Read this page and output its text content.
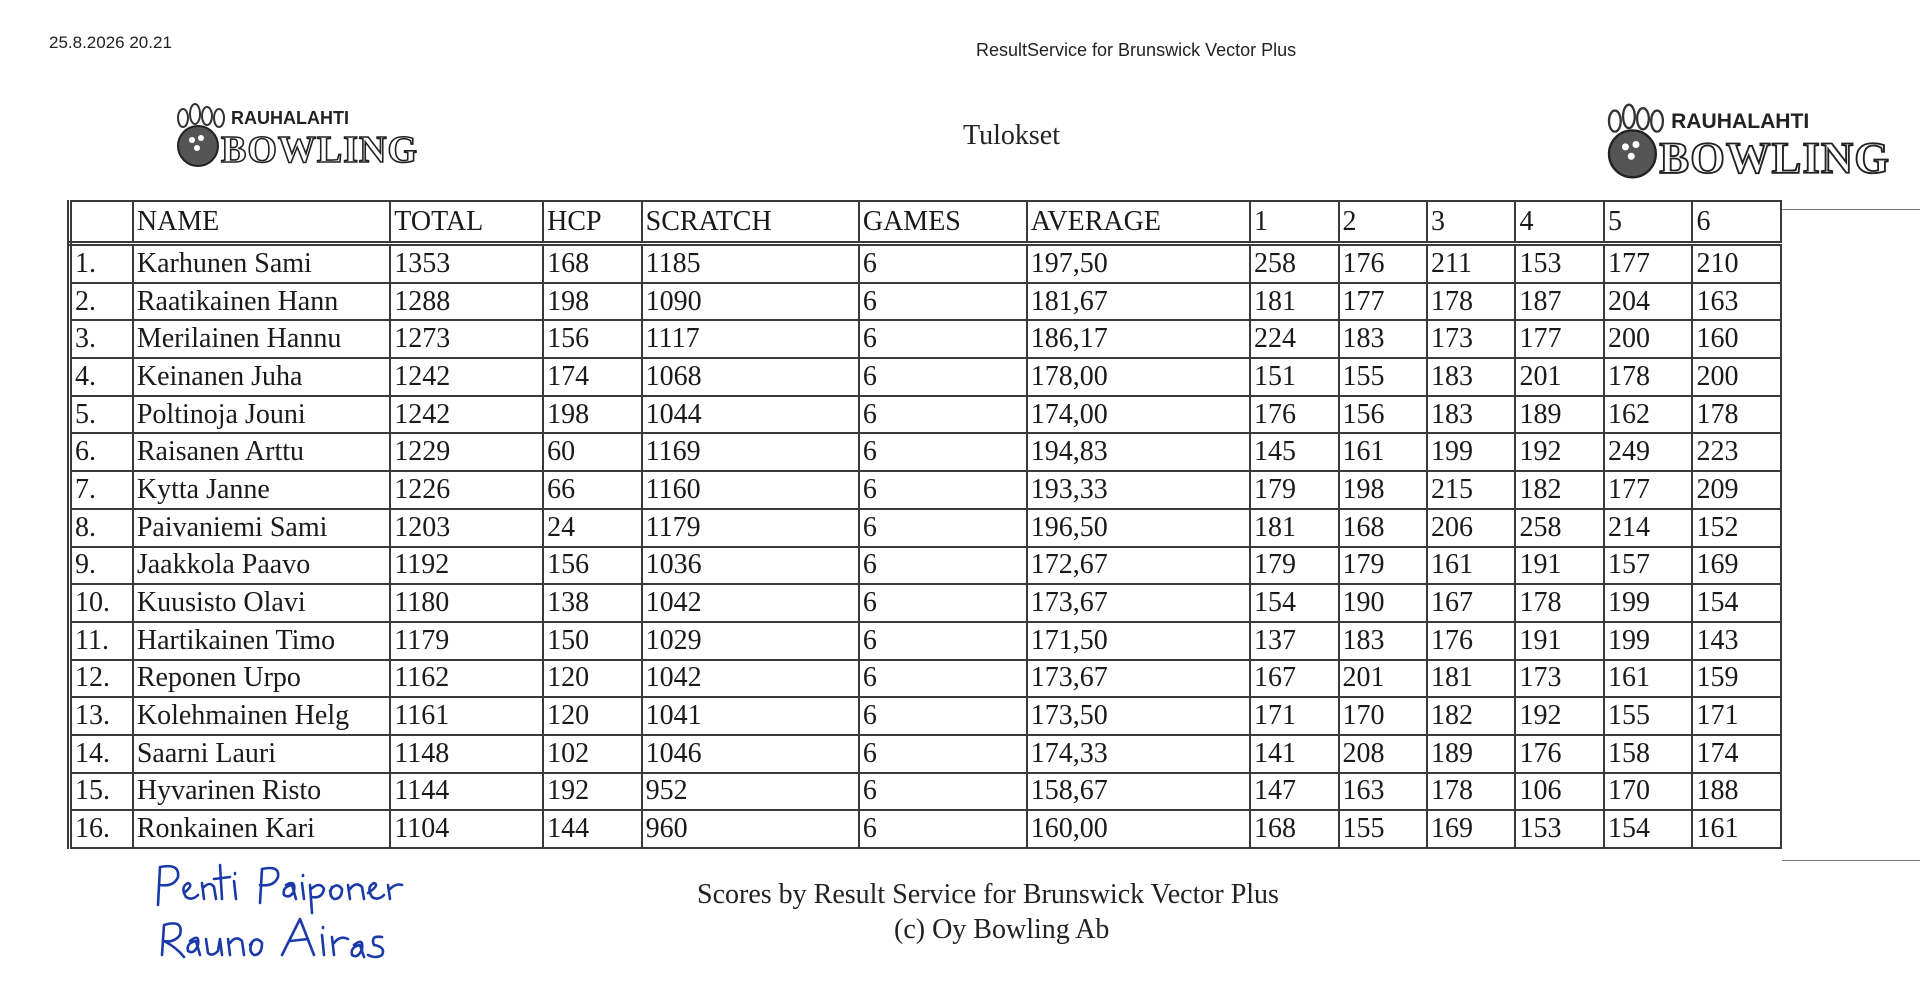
25.8.2026 20.21	ResultService for Brunswick Vector Plus
RAUHALAHTI
BOWLING	Tulokset	RAUHALAHTI
BOWLING
	NAME	TOTAL	HCP	SCRATCH	GAMES	AVERAGE	1	2	3	4	5	6
1.	Karhunen Sami	1353	168	1185	6	197,50	258	176	211	153	177	210
2.	Raatikainen Hann	1288	198	1090	6	181,67	181	177	178	187	204	163
3.	Merilainen Hannu	1273	156	1117	6	186,17	224	183	173	177	200	160
4.	Keinanen Juha	1242	174	1068	6	178,00	151	155	183	201	178	200
5.	Poltinoja Jouni	1242	198	1044	6	174,00	176	156	183	189	162	178
6.	Raisanen Arttu	1229	60	1169	6	194,83	145	161	199	192	249	223
7.	Kytta Janne	1226	66	1160	6	193,33	179	198	215	182	177	209
8.	Paivaniemi Sami	1203	24	1179	6	196,50	181	168	206	258	214	152
9.	Jaakkola Paavo	1192	156	1036	6	172,67	179	179	161	191	157	169
10.	Kuusisto Olavi	1180	138	1042	6	173,67	154	190	167	178	199	154
11.	Hartikainen Timo	1179	150	1029	6	171,50	137	183	176	191	199	143
12.	Reponen Urpo	1162	120	1042	6	173,67	167	201	181	173	161	159
13.	Kolehmainen Helg	1161	120	1041	6	173,50	171	170	182	192	155	171
14.	Saarni Lauri	1148	102	1046	6	174,33	141	208	189	176	158	174
15.	Hyvarinen Risto	1144	192	952	6	158,67	147	163	178	106	170	188
16.	Ronkainen Kari	1104	144	960	6	160,00	168	155	169	153	154	161
Scores by Result Service for Brunswick Vector Plus
(c) Oy Bowling Ab
